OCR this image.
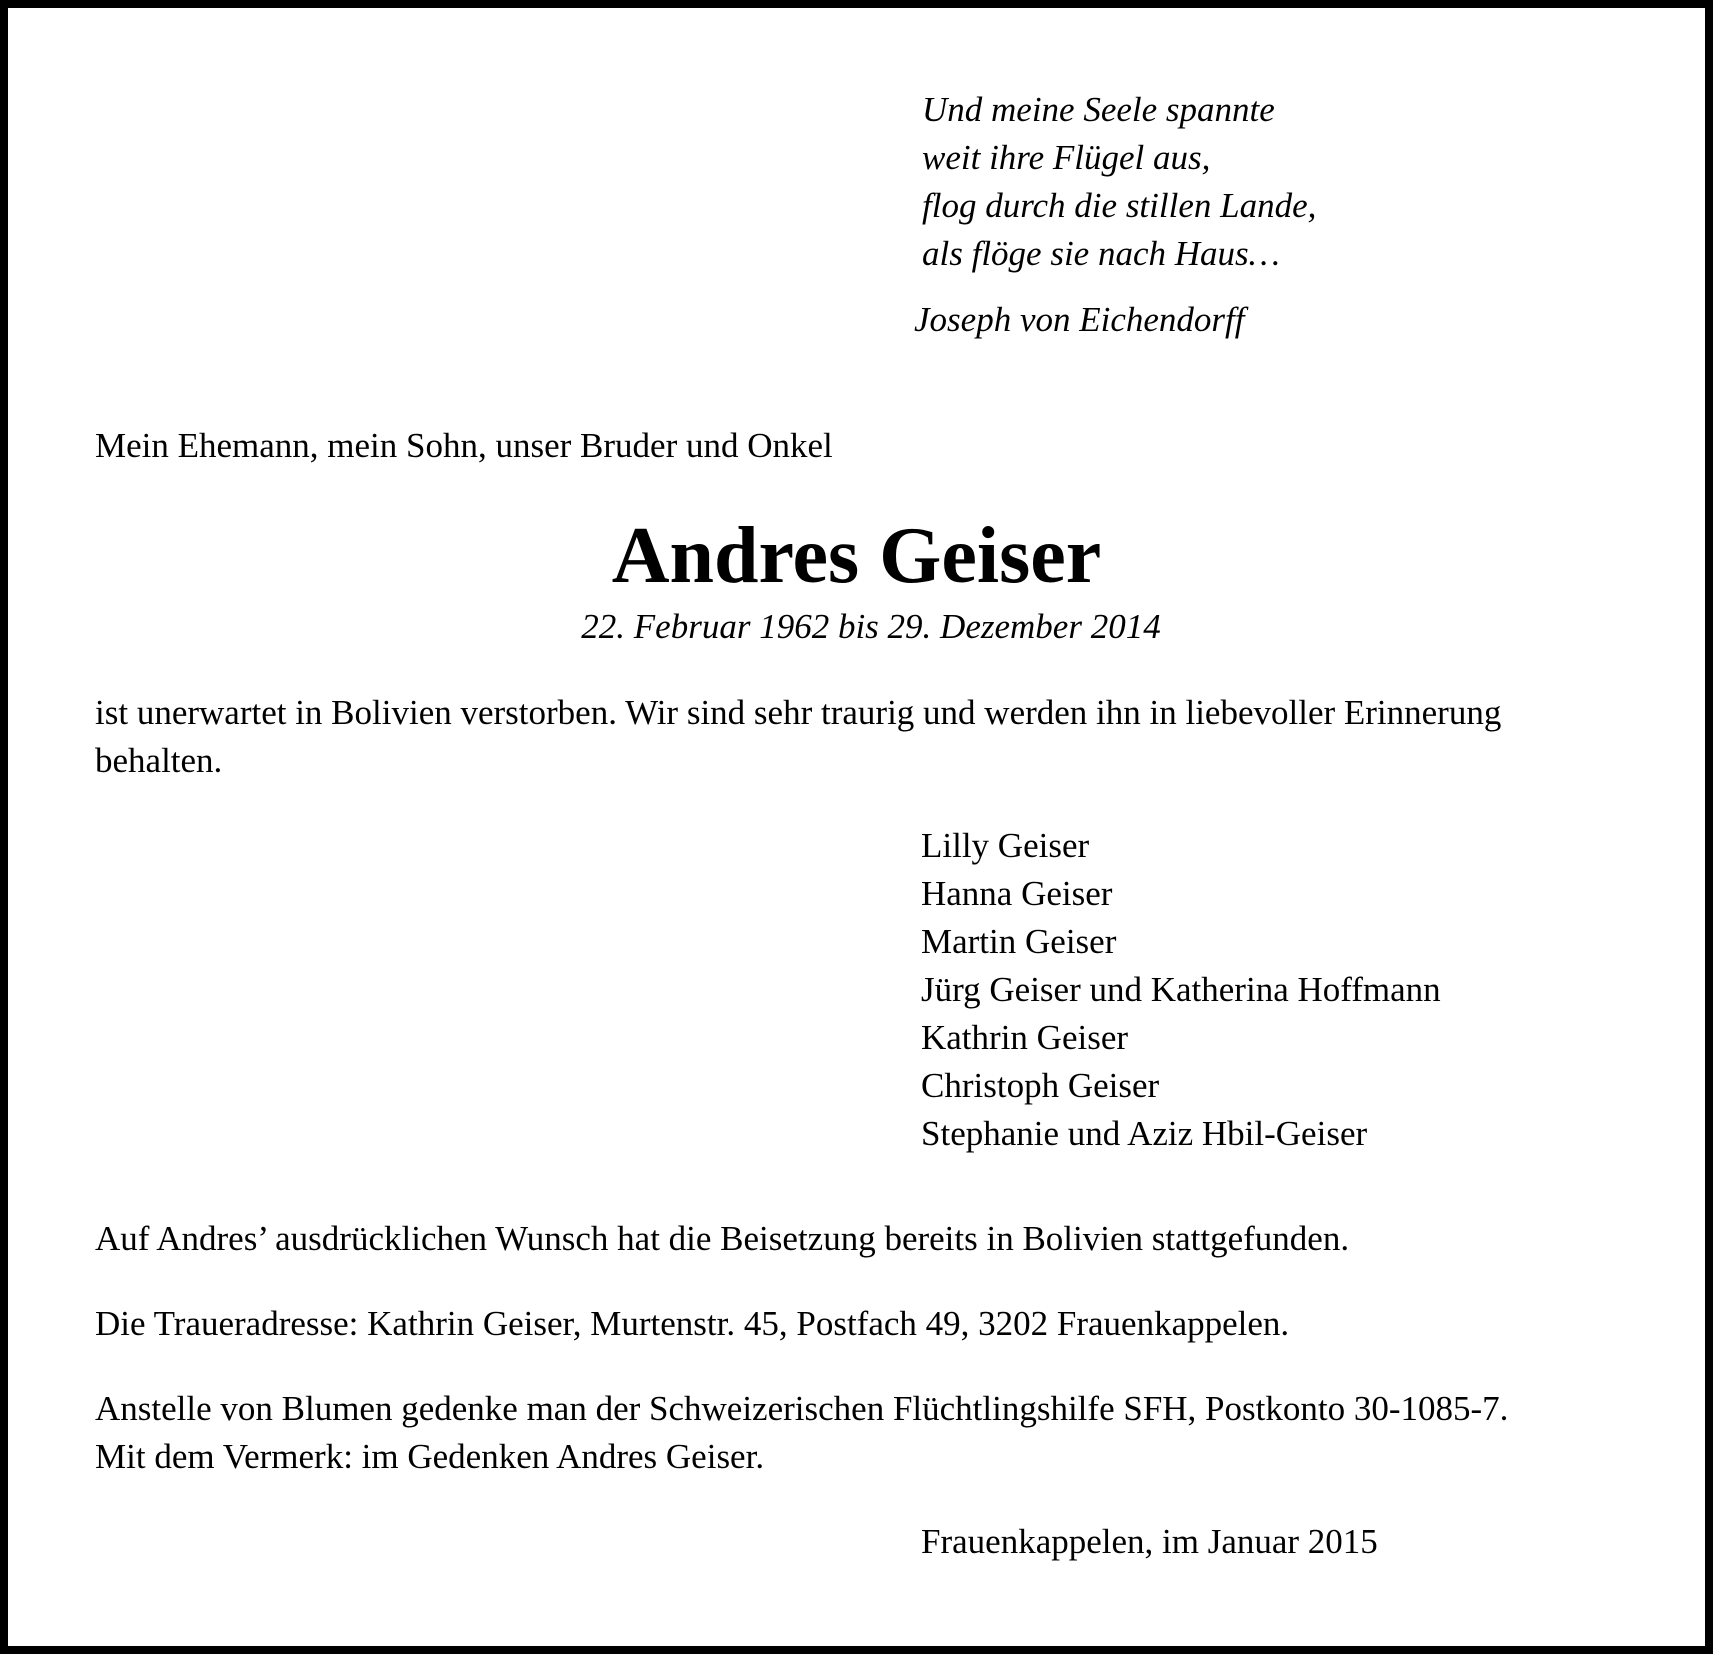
Und meine Seele spannte
weit ihre Flügel aus,
flog durch die stillen Lande,
als flöge sie nach Haus…

Joseph von Eichendorff

Mein Ehemann, mein Sohn, unser Bruder und Onkel

Andres Geiser

22. Februar 1962 bis 29. Dezember 2014

ist unerwartet in Bolivien verstorben. Wir sind sehr traurig und werden ihn in liebevoller Erinnerung
behalten.
Lilly Geiser
Hanna Geiser
Martin Geiser
Jürg Geiser und Katherina Hoffmann
Kathrin Geiser
Christoph Geiser
Stephanie und Aziz Hbil-Geiser

Auf Andres’ ausdrücklichen Wunsch hat die Beisetzung bereits in Bolivien stattgefunden.

Die Traueradresse: Kathrin Geiser, Murtenstr. 45, Postfach 49, 3202 Frauenkappelen.

Anstelle von Blumen gedenke man der Schweizerischen Flüchtlingshilfe SFH, Postkonto 30-1085-7.
Mit dem Vermerk: im Gedenken Andres Geiser.

Frauenkappelen, im Januar 2015
